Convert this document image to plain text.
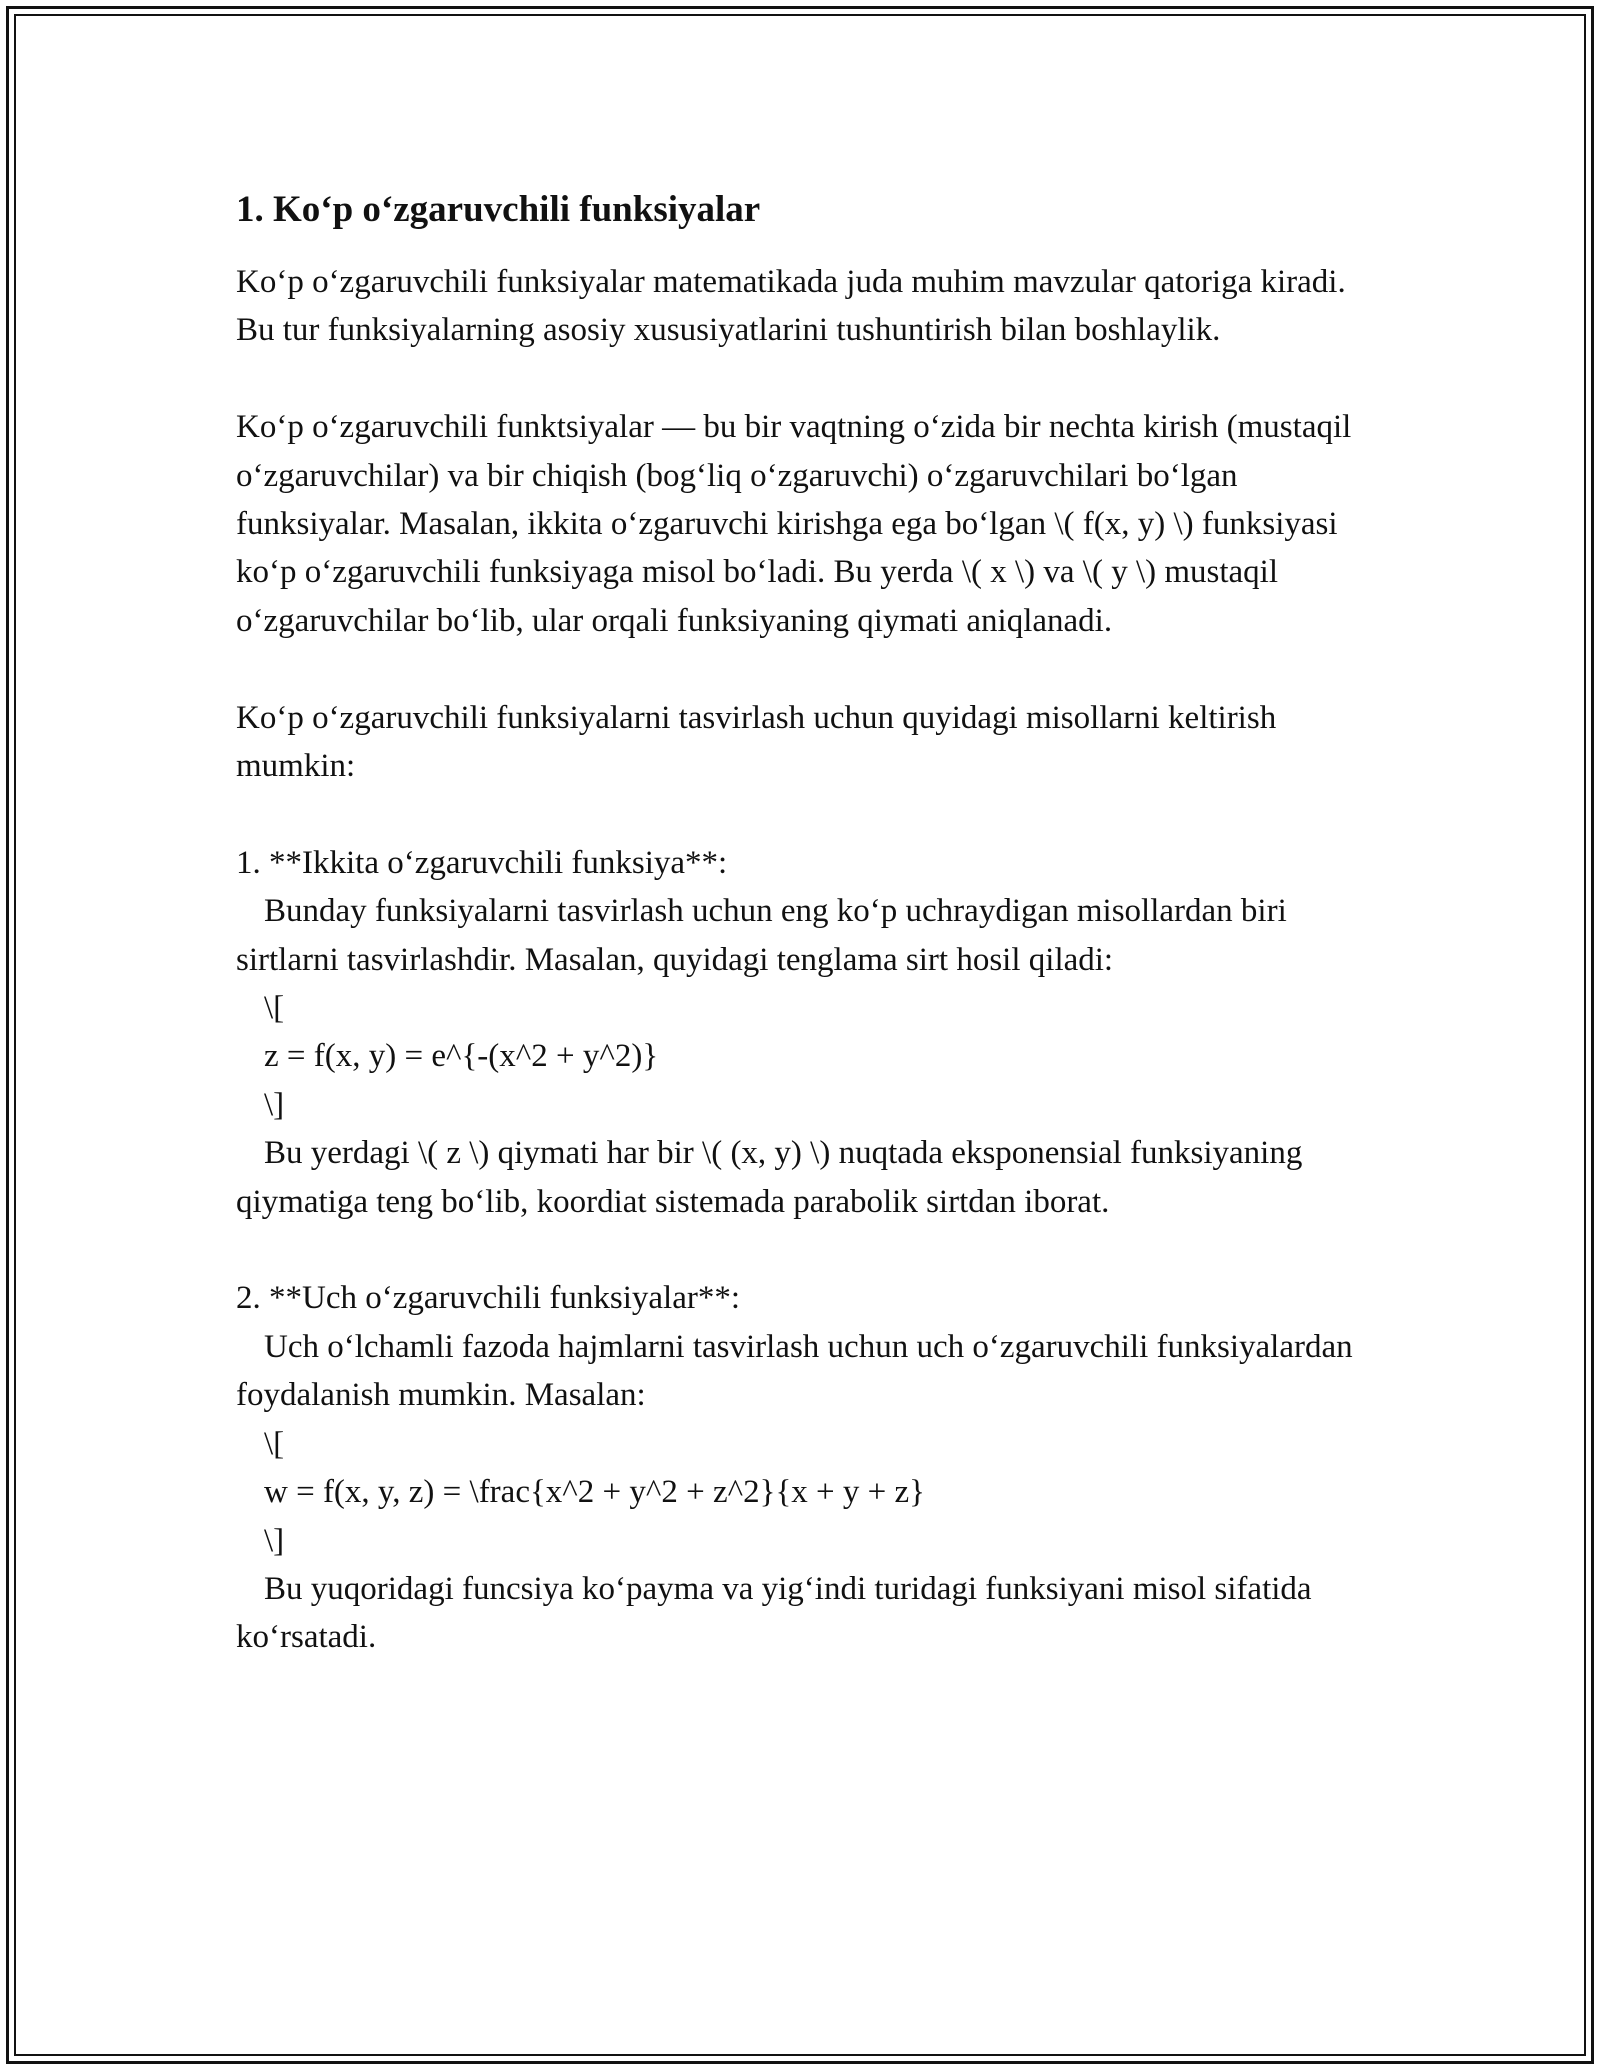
1. Ko‘p o‘zgaruvchili funksiyalar

Ko‘p o‘zgaruvchili funksiyalar matematikada juda muhim mavzular qatoriga kiradi. Bu tur funksiyalarning asosiy xususiyatlarini tushuntirish bilan boshlaylik.

Ko‘p o‘zgaruvchili funktsiyalar — bu bir vaqtning o‘zida bir nechta kirish (mustaqil o‘zgaruvchilar) va bir chiqish (bog‘liq o‘zgaruvchi) o‘zgaruvchilari bo‘lgan funksiyalar. Masalan, ikkita o‘zgaruvchi kirishga ega bo‘lgan \( f(x, y) \) funksiyasi ko‘p o‘zgaruvchili funksiyaga misol bo‘ladi. Bu yerda \( x \) va \( y \) mustaqil o‘zgaruvchilar bo‘lib, ular orqali funksiyaning qiymati aniqlanadi.

Ko‘p o‘zgaruvchili funksiyalarni tasvirlash uchun quyidagi misollarni keltirish mumkin:

1. **Ikkita o‘zgaruvchili funksiya**:
Bunday funksiyalarni tasvirlash uchun eng ko‘p uchraydigan misollardan biri sirtlarni tasvirlashdir. Masalan, quyidagi tenglama sirt hosil qiladi:
\[
z = f(x, y) = e^{-(x^2 + y^2)}
\]
Bu yerdagi \( z \) qiymati har bir \( (x, y) \) nuqtada eksponensial funksiyaning qiymatiga teng bo‘lib, koordiat sistemada parabolik sirtdan iborat.

2. **Uch o‘zgaruvchili funksiyalar**:
Uch o‘lchamli fazoda hajmlarni tasvirlash uchun uch o‘zgaruvchili funksiyalardan foydalanish mumkin. Masalan:
\[
w = f(x, y, z) = \frac{x^2 + y^2 + z^2}{x + y + z}
\]
Bu yuqoridagi funcsiya ko‘payma va yig‘indi turidagi funksiyani misol sifatida ko‘rsatadi.
